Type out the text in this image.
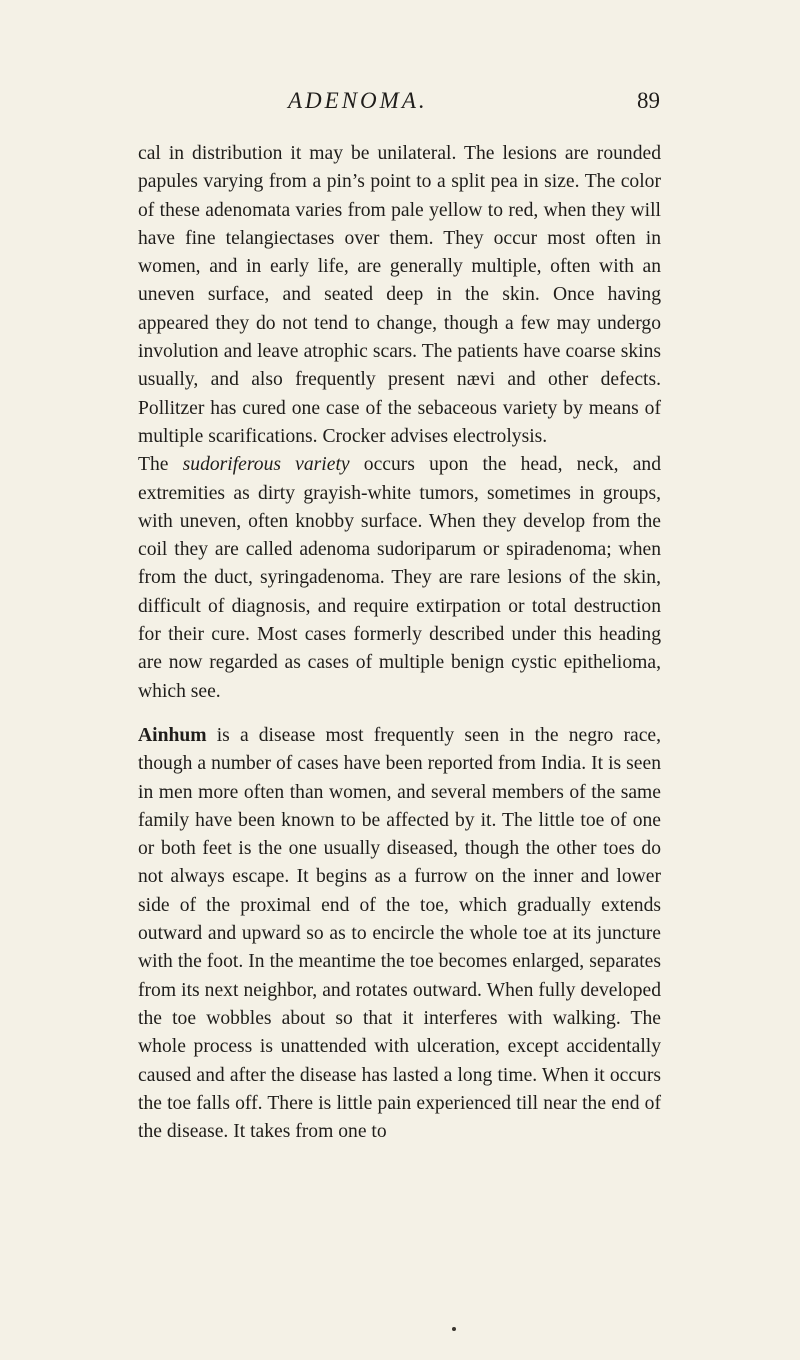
ADENOMA.	89

cal in distribution it may be unilateral. The lesions are rounded papules varying from a pin’s point to a split pea in size. The color of these adenomata varies from pale yellow to red, when they will have fine telangiectases over them. They occur most often in women, and in early life, are generally multiple, often with an uneven surface, and seated deep in the skin. Once having appeared they do not tend to change, though a few may undergo involution and leave atrophic scars. The patients have coarse skins usually, and also frequently present nævi and other defects. Pollitzer has cured one case of the sebaceous variety by means of multiple scarifications. Crocker advises electrolysis.

The sudoriferous variety occurs upon the head, neck, and extremities as dirty grayish-white tumors, sometimes in groups, with uneven, often knobby surface. When they develop from the coil they are called adenoma sudoriparum or spiradenoma; when from the duct, syringadenoma. They are rare lesions of the skin, difficult of diagnosis, and require extirpation or total destruction for their cure. Most cases formerly described under this heading are now regarded as cases of multiple benign cystic epithelioma, which see.

Ainhum is a disease most frequently seen in the negro race, though a number of cases have been reported from India. It is seen in men more often than women, and several members of the same family have been known to be affected by it. The little toe of one or both feet is the one usually diseased, though the other toes do not always escape. It begins as a furrow on the inner and lower side of the proximal end of the toe, which gradually extends outward and upward so as to encircle the whole toe at its juncture with the foot. In the meantime the toe becomes enlarged, separates from its next neighbor, and rotates outward. When fully developed the toe wobbles about so that it interferes with walking. The whole process is unattended with ulceration, except accidentally caused and after the disease has lasted a long time. When it occurs the toe falls off. There is little pain experienced till near the end of the disease. It takes from one to
